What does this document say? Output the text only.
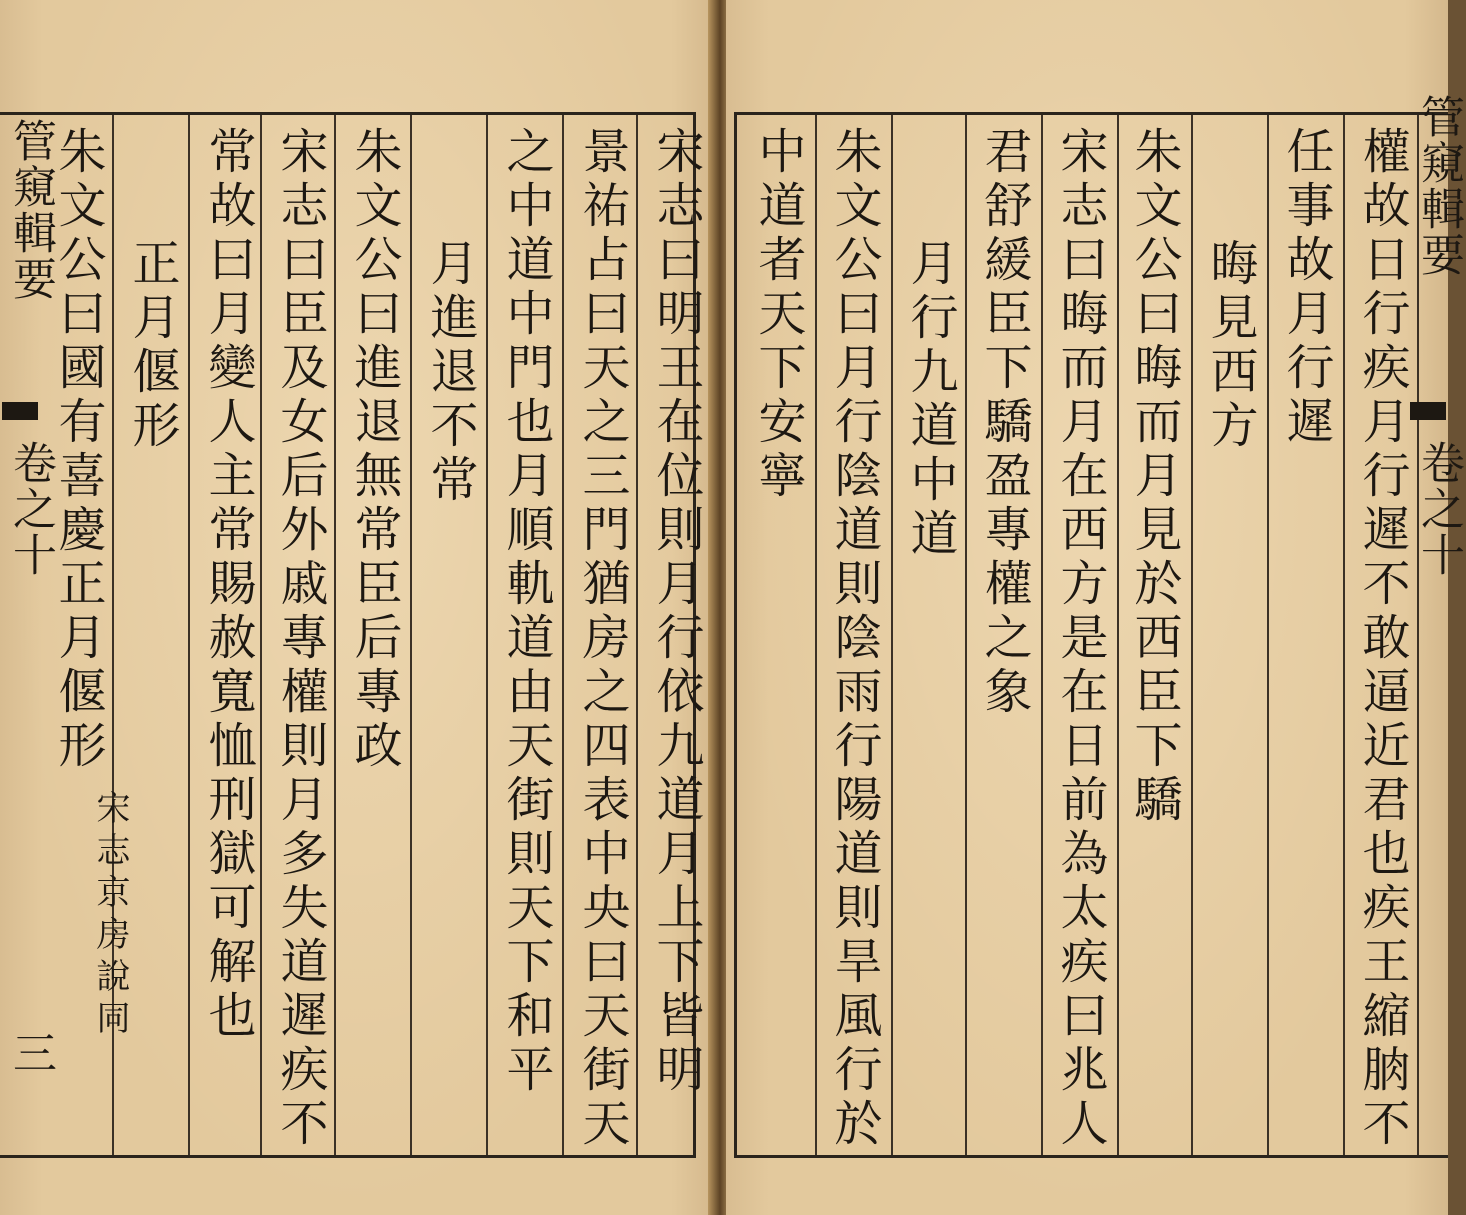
管窺輯要
卷之十
三	宋志曰明王在位則月行依九道月上下皆明
景祐占曰天之三門猶房之四表中央曰天街天
之中道中門也月順軌道由天街則天下和平
月進退不常
朱文公曰進退無常臣后專政
宋志曰臣及女后外戚專權則月多失道遲疾不
常故曰月變人主常賜赦寬恤刑獄可解也
正月偃形
朱文公曰國有喜慶正月偃形
宋志京房說同	權故日行疾月行遲不敢逼近君也疾王縮朒不
任事故月行遲
晦見西方
朱文公曰晦而月見於西臣下驕
宋志曰晦而月在西方是在日前為太疾曰兆人
君舒緩臣下驕盈專權之象
月行九道中道
朱文公曰月行陰道則陰雨行陽道則旱風行於
中道者天下安寧	管窺輯要
卷之十
